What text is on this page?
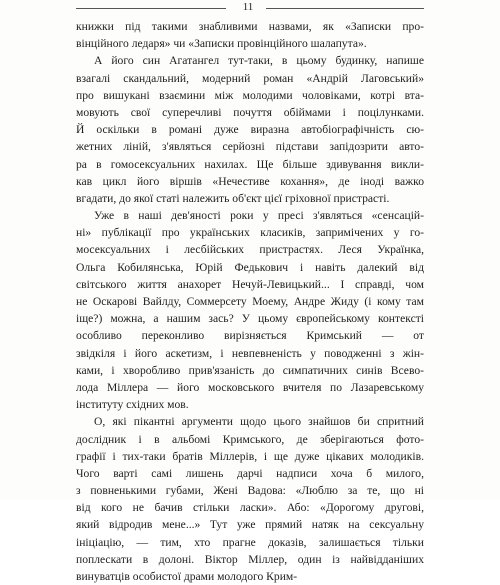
11
книжки під такими знабливими назвами, як «Записки про-
вінційного ледаря» чи «Записки провінційного шалапута».
А його син Агатангел тут-таки, в цьому будинку, напише
взагалі скандальний, модерний роман «Андрій Лаговський»
про вишукані взаємини між молодими чоловіками, котрі вта-
мовують свої суперечливі почуття обіймами і поцілунками.
Й оскільки в романі дуже виразна автобіографічність сю-
жетних ліній, з'являться серйозні підстави запідозрити авто-
ра в гомосексуальних нахилах. Ще більше здивування викли-
кав цикл його віршів «Нечестиве кохання», де іноді важко
вгадати, до якої статі належить об'єкт цієї гріховної пристрасті.
Уже в наші дев'яності роки у пресі з'являться «сенсацій-
ні» публікації про українських класиків, запримічених у го-
мосексуальних і лесбійських пристрастях. Леся Українка,
Ольга Кобилянська, Юрій Федькович і навіть далекий від
світського життя анахорет Нечуй-Левицький... І справді, чом
не Оскарові Вайлду, Соммерсету Моему, Андре Жиду (і кому там
іще?) можна, а нашим зась? У цьому європейському контексті
особливо переконливо вирізняється Кримський — от
звідкіля і його аскетизм, і невпевненість у поводженні з жін-
ками, і хворобливо прив'язаність до симпатичних синів Всево-
лода Міллера — його московського вчителя по Лазаревському
інституту східних мов.
О, які пікантні аргументи щодо цього знайшов би спритний
дослідник і в альбомі Кримського, де зберігаються фото-
графії і тих-таки братів Міллерів, і ще дуже цікавих молодиків.
Чого варті самі лишень дарчі надписи хоча б милого,
з повненькими губами, Жені Вадова: «Люблю за те, що ні
від кого не бачив стільки ласки». Або: «Дорогому другові,
який відродив мене...» Тут уже прямий натяк на сексуальну
ініціацію, — тим, хто прагне доказів, залишається тільки
поплескати в долоні. Віктор Міллер, один із найвідданіших
винуватців особистої драми молодого Крим-
